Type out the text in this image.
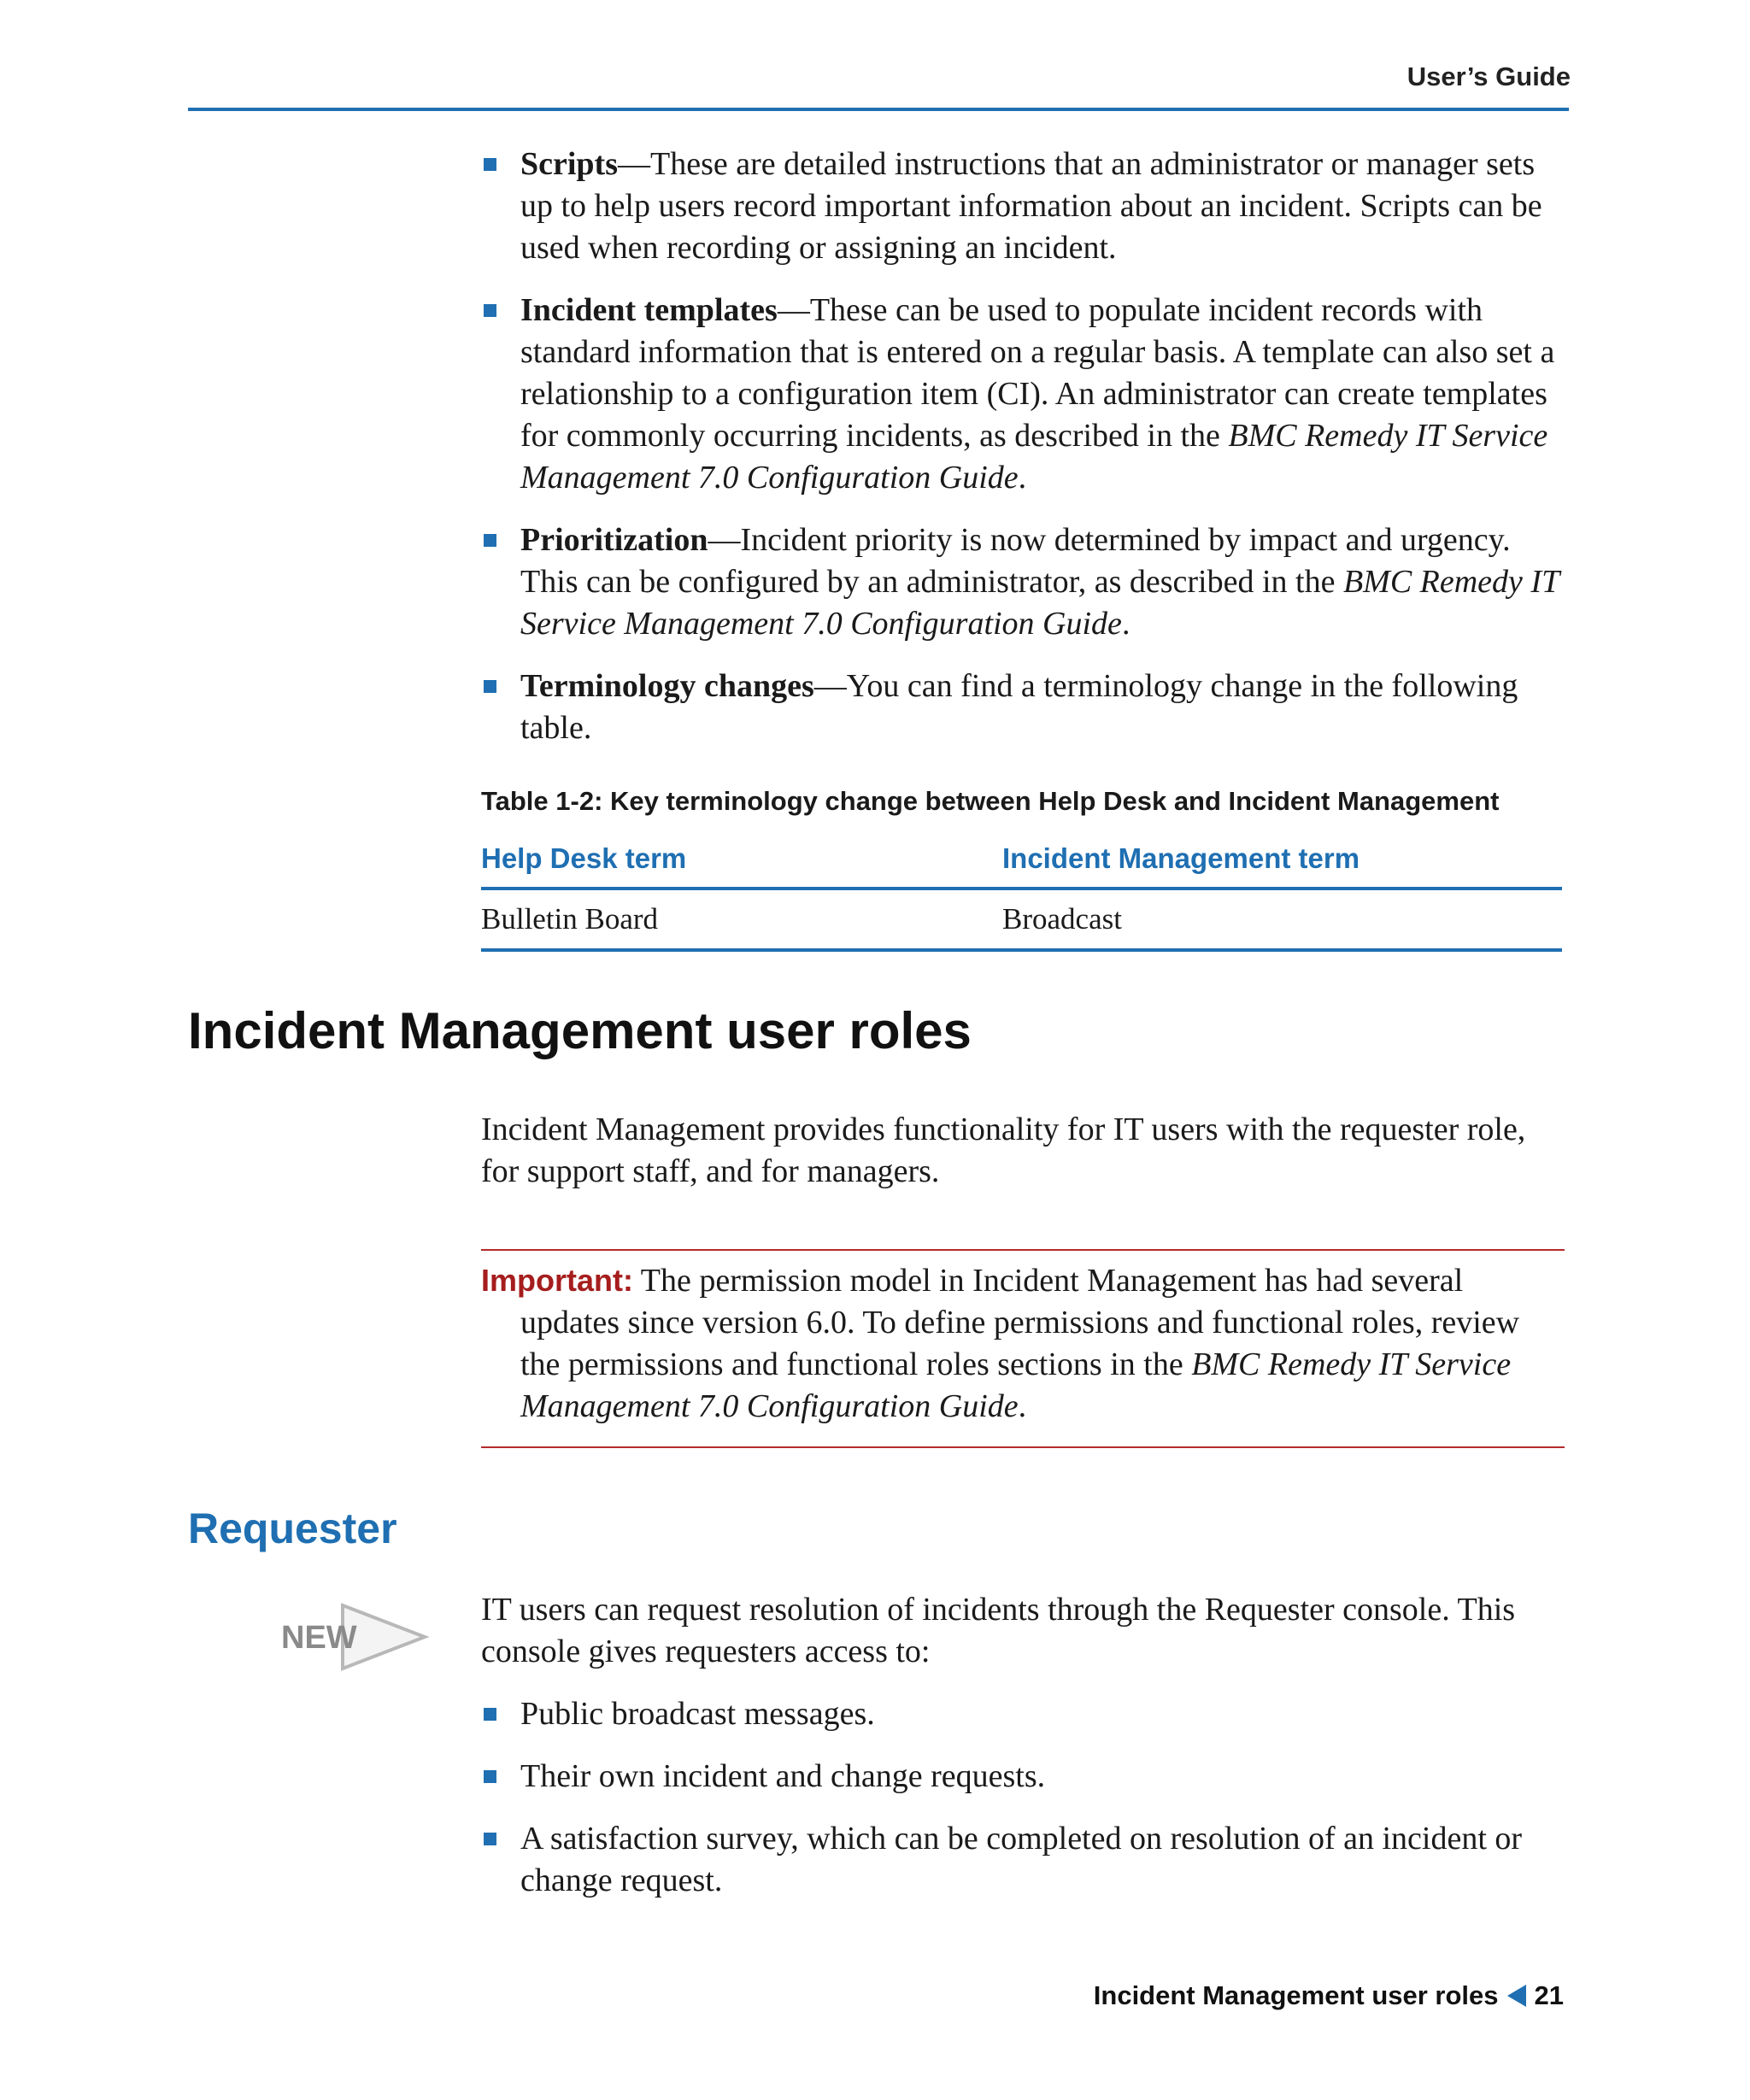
User’s Guide
Scripts—These are detailed instructions that an administrator or manager sets up to help users record important information about an incident. Scripts can be used when recording or assigning an incident.
Incident templates—These can be used to populate incident records with standard information that is entered on a regular basis. A template can also set a relationship to a configuration item (CI). An administrator can create templates for commonly occurring incidents, as described in the BMC Remedy IT Service Management 7.0 Configuration Guide.
Prioritization—Incident priority is now determined by impact and urgency. This can be configured by an administrator, as described in the BMC Remedy IT Service Management 7.0 Configuration Guide.
Terminology changes—You can find a terminology change in the following table.
Table 1-2: Key terminology change between Help Desk and Incident Management
Help Desk term	Incident Management term
Bulletin Board	Broadcast
Incident Management user roles

Incident Management provides functionality for IT users with the requester role, for support staff, and for managers.

Important: The permission model in Incident Management has had several updates since version 6.0. To define permissions and functional roles, review the permissions and functional roles sections in the BMC Remedy IT Service Management 7.0 Configuration Guide.

Requester
NEW

IT users can request resolution of incidents through the Requester console. This console gives requesters access to:

Public broadcast messages.
Their own incident and change requests.
A satisfaction survey, which can be completed on resolution of an incident or change request.
Incident Management user roles 21
